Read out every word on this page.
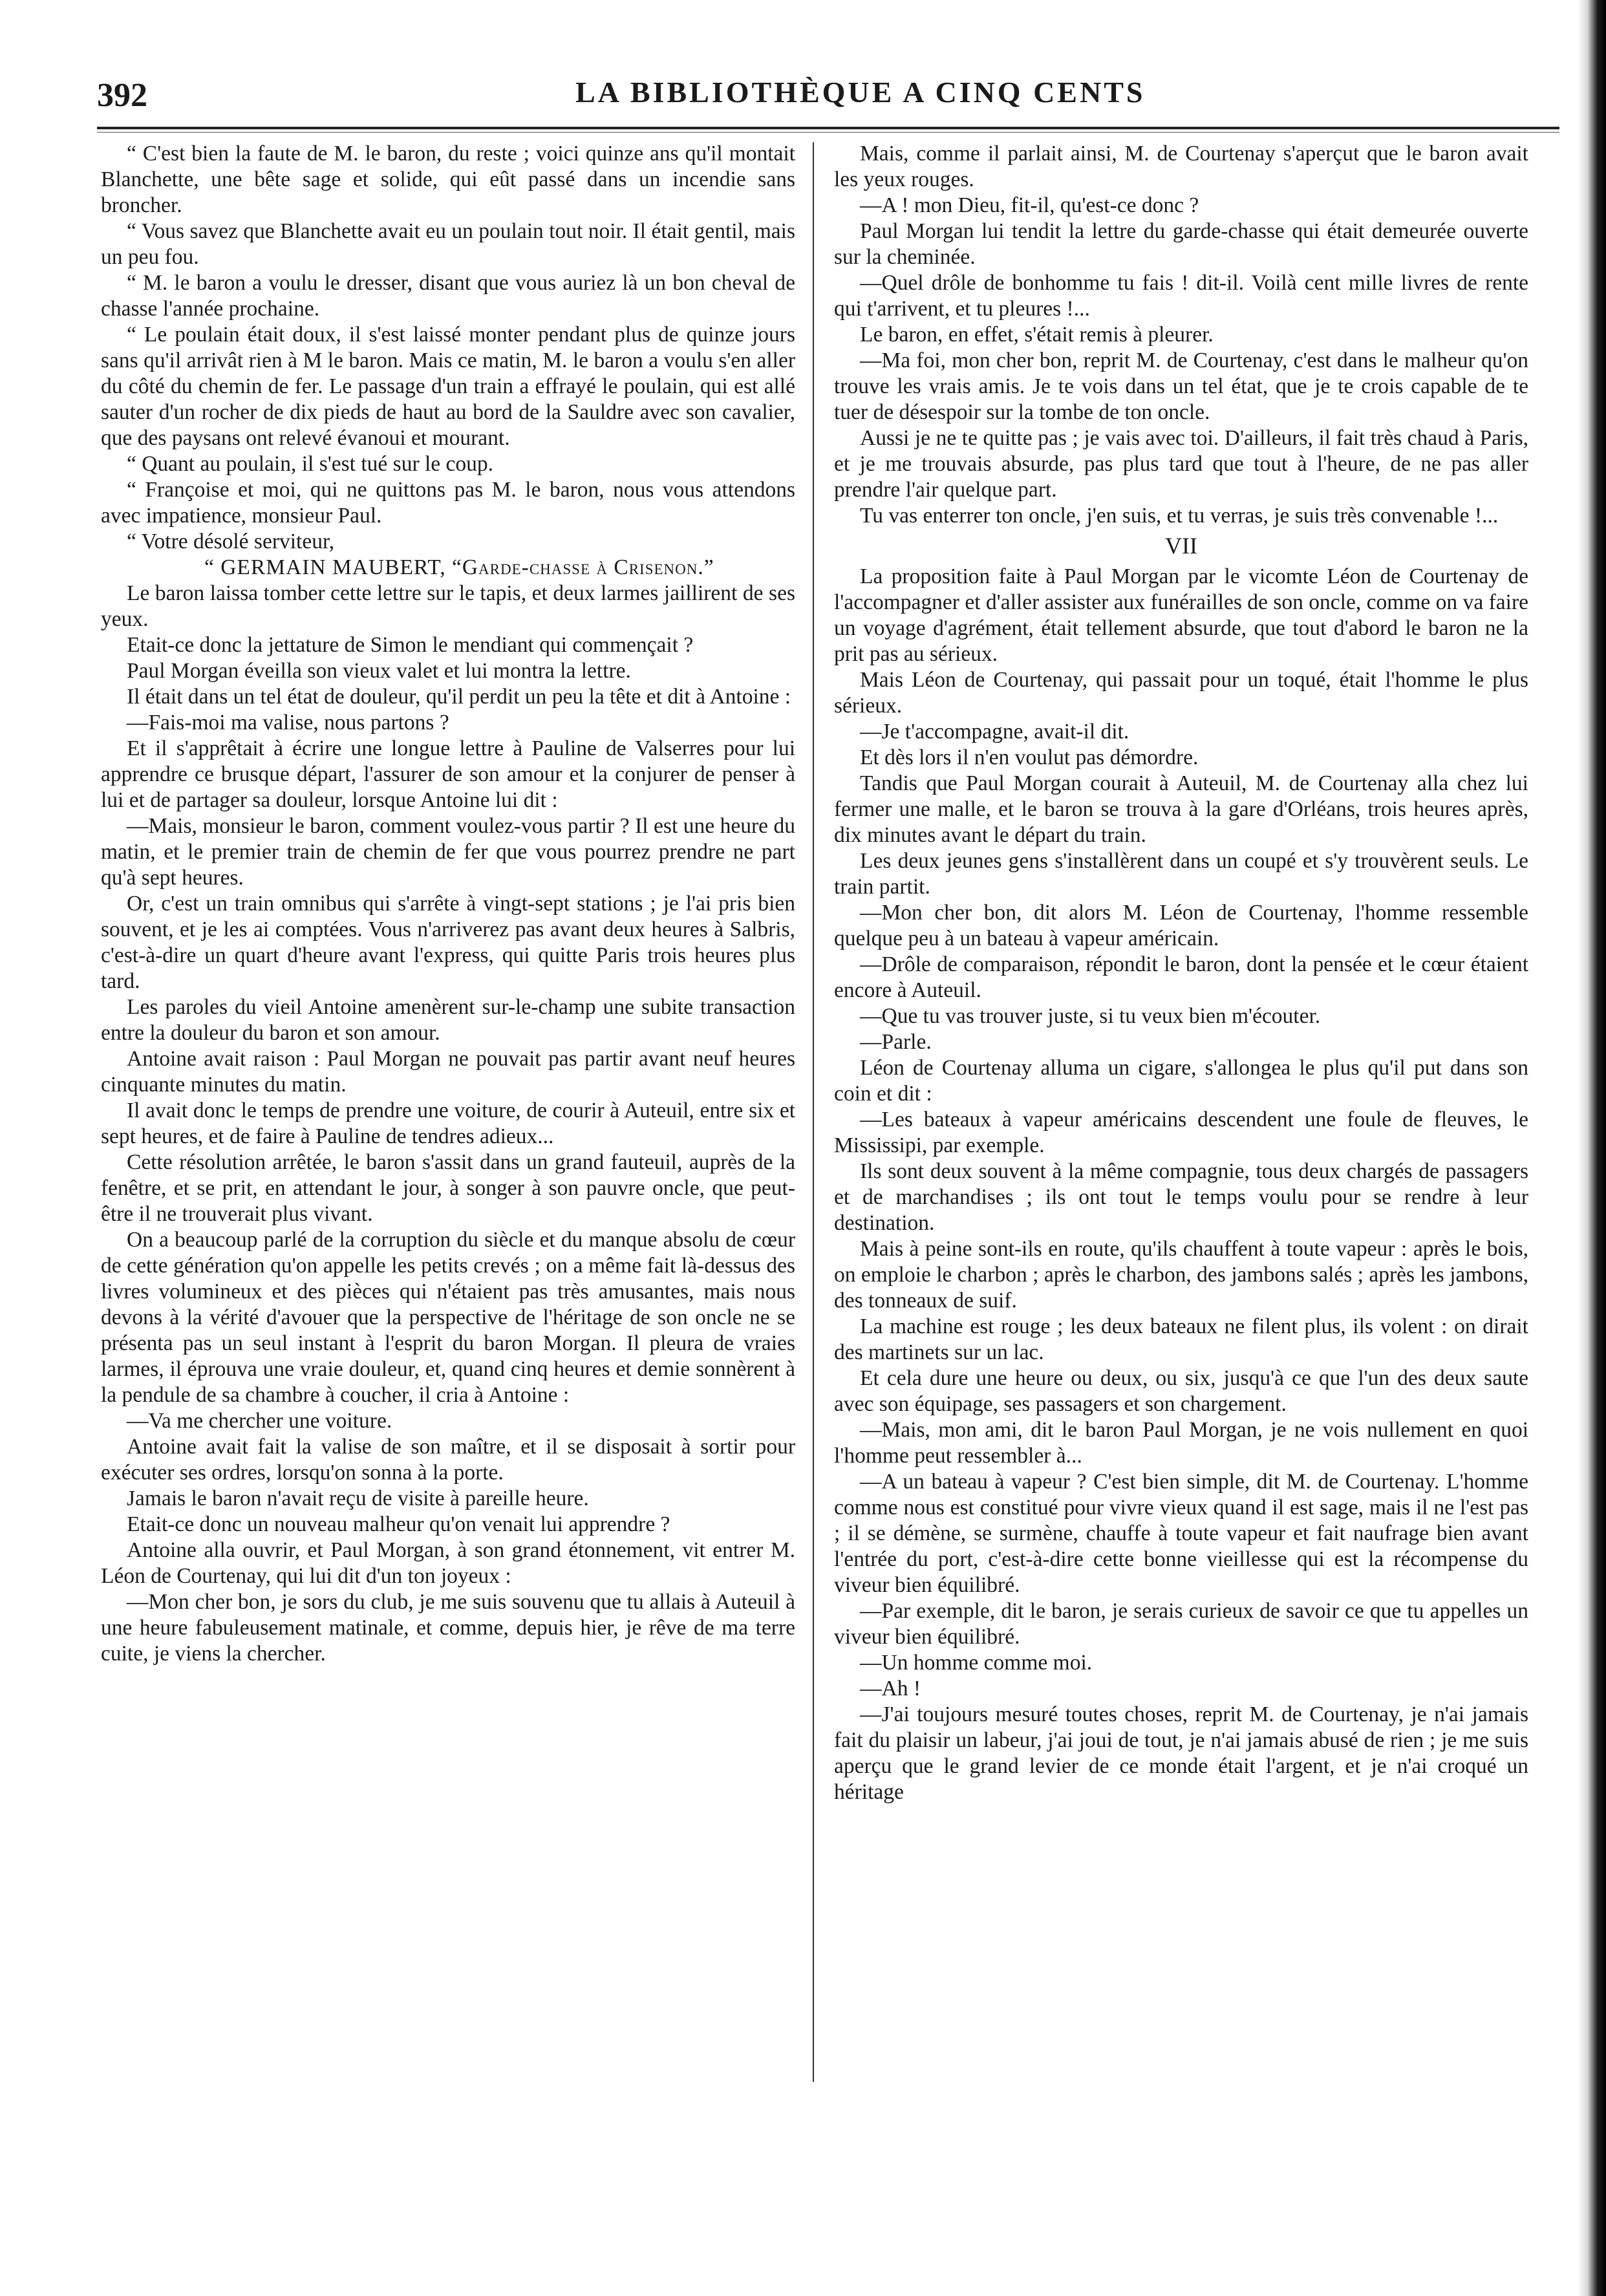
392	LA BIBLIOTHÈQUE A CINQ CENTS

“ C'est bien la faute de M. le baron, du reste ; voici quinze ans qu'il montait Blanchette, une bête sage et solide, qui eût passé dans un incendie sans broncher.

“ Vous savez que Blanchette avait eu un poulain tout noir. Il était gentil, mais un peu fou.

“ M. le baron a voulu le dresser, disant que vous auriez là un bon cheval de chasse l'année prochaine.

“ Le poulain était doux, il s'est laissé monter pendant plus de quinze jours sans qu'il arrivât rien à M le baron. Mais ce matin, M. le baron a voulu s'en aller du côté du chemin de fer. Le passage d'un train a effrayé le poulain, qui est allé sauter d'un rocher de dix pieds de haut au bord de la Sauldre avec son cavalier, que des paysans ont relevé évanoui et mourant.

“ Quant au poulain, il s'est tué sur le coup.

“ Françoise et moi, qui ne quittons pas M. le baron, nous vous attendons avec impatience, monsieur Paul.

“ Votre désolé serviteur,

“ GERMAIN MAUBERT, “Garde-chasse à Crisenon.”

Le baron laissa tomber cette lettre sur le tapis, et deux larmes jaillirent de ses yeux.

Etait-ce donc la jettature de Simon le mendiant qui commençait ?

Paul Morgan éveilla son vieux valet et lui montra la lettre.

Il était dans un tel état de douleur, qu'il perdit un peu la tête et dit à Antoine :

—Fais-moi ma valise, nous partons ?

Et il s'apprêtait à écrire une longue lettre à Pauline de Valserres pour lui apprendre ce brusque départ, l'assurer de son amour et la conjurer de penser à lui et de partager sa douleur, lorsque Antoine lui dit :

—Mais, monsieur le baron, comment voulez-vous partir ? Il est une heure du matin, et le premier train de chemin de fer que vous pourrez prendre ne part qu'à sept heures.

Or, c'est un train omnibus qui s'arrête à vingt-sept stations ; je l'ai pris bien souvent, et je les ai comptées. Vous n'arriverez pas avant deux heures à Salbris, c'est-à-dire un quart d'heure avant l'express, qui quitte Paris trois heures plus tard.

Les paroles du vieil Antoine amenèrent sur-le-champ une subite transaction entre la douleur du baron et son amour.

Antoine avait raison : Paul Morgan ne pouvait pas partir avant neuf heures cinquante minutes du matin.

Il avait donc le temps de prendre une voiture, de courir à Auteuil, entre six et sept heures, et de faire à Pauline de tendres adieux...

Cette résolution arrêtée, le baron s'assit dans un grand fauteuil, auprès de la fenêtre, et se prit, en attendant le jour, à songer à son pauvre oncle, que peut-être il ne trouverait plus vivant.

On a beaucoup parlé de la corruption du siècle et du manque absolu de cœur de cette génération qu'on appelle les petits crevés ; on a même fait là-dessus des livres volumineux et des pièces qui n'étaient pas très amusantes, mais nous devons à la vérité d'avouer que la perspective de l'héritage de son oncle ne se présenta pas un seul instant à l'esprit du baron Morgan. Il pleura de vraies larmes, il éprouva une vraie douleur, et, quand cinq heures et demie sonnèrent à la pendule de sa chambre à coucher, il cria à Antoine :

—Va me chercher une voiture.

Antoine avait fait la valise de son maître, et il se disposait à sortir pour exécuter ses ordres, lorsqu'on sonna à la porte.

Jamais le baron n'avait reçu de visite à pareille heure.

Etait-ce donc un nouveau malheur qu'on venait lui apprendre ?

Antoine alla ouvrir, et Paul Morgan, à son grand étonnement, vit entrer M. Léon de Courtenay, qui lui dit d'un ton joyeux :

—Mon cher bon, je sors du club, je me suis souvenu que tu allais à Auteuil à une heure fabuleusement matinale, et comme, depuis hier, je rêve de ma terre cuite, je viens la chercher.

Mais, comme il parlait ainsi, M. de Courtenay s'aperçut que le baron avait les yeux rouges.

—A ! mon Dieu, fit-il, qu'est-ce donc ?

Paul Morgan lui tendit la lettre du garde-chasse qui était demeurée ouverte sur la cheminée.

—Quel drôle de bonhomme tu fais ! dit-il. Voilà cent mille livres de rente qui t'arrivent, et tu pleures !...

Le baron, en effet, s'était remis à pleurer.

—Ma foi, mon cher bon, reprit M. de Courtenay, c'est dans le malheur qu'on trouve les vrais amis. Je te vois dans un tel état, que je te crois capable de te tuer de désespoir sur la tombe de ton oncle.

Aussi je ne te quitte pas ; je vais avec toi. D'ailleurs, il fait très chaud à Paris, et je me trouvais absurde, pas plus tard que tout à l'heure, de ne pas aller prendre l'air quelque part.

Tu vas enterrer ton oncle, j'en suis, et tu verras, je suis très convenable !...

VII

La proposition faite à Paul Morgan par le vicomte Léon de Courtenay de l'accompagner et d'aller assister aux funérailles de son oncle, comme on va faire un voyage d'agrément, était tellement absurde, que tout d'abord le baron ne la prit pas au sérieux.

Mais Léon de Courtenay, qui passait pour un toqué, était l'homme le plus sérieux.

—Je t'accompagne, avait-il dit.

Et dès lors il n'en voulut pas démordre.

Tandis que Paul Morgan courait à Auteuil, M. de Courtenay alla chez lui fermer une malle, et le baron se trouva à la gare d'Orléans, trois heures après, dix minutes avant le départ du train.

Les deux jeunes gens s'installèrent dans un coupé et s'y trouvèrent seuls. Le train partit.

—Mon cher bon, dit alors M. Léon de Courtenay, l'homme ressemble quelque peu à un bateau à vapeur américain.

—Drôle de comparaison, répondit le baron, dont la pensée et le cœur étaient encore à Auteuil.

—Que tu vas trouver juste, si tu veux bien m'écouter.

—Parle.

Léon de Courtenay alluma un cigare, s'allongea le plus qu'il put dans son coin et dit :

—Les bateaux à vapeur américains descendent une foule de fleuves, le Mississipi, par exemple.

Ils sont deux souvent à la même compagnie, tous deux chargés de passagers et de marchandises ; ils ont tout le temps voulu pour se rendre à leur destination.

Mais à peine sont-ils en route, qu'ils chauffent à toute vapeur : après le bois, on emploie le charbon ; après le charbon, des jambons salés ; après les jambons, des tonneaux de suif.

La machine est rouge ; les deux bateaux ne filent plus, ils volent : on dirait des martinets sur un lac.

Et cela dure une heure ou deux, ou six, jusqu'à ce que l'un des deux saute avec son équipage, ses passagers et son chargement.

—Mais, mon ami, dit le baron Paul Morgan, je ne vois nullement en quoi l'homme peut ressembler à...

—A un bateau à vapeur ? C'est bien simple, dit M. de Courtenay. L'homme comme nous est constitué pour vivre vieux quand il est sage, mais il ne l'est pas ; il se démène, se surmène, chauffe à toute vapeur et fait naufrage bien avant l'entrée du port, c'est-à-dire cette bonne vieillesse qui est la récompense du viveur bien équilibré.

—Par exemple, dit le baron, je serais curieux de savoir ce que tu appelles un viveur bien équilibré.

—Un homme comme moi.

—Ah !

—J'ai toujours mesuré toutes choses, reprit M. de Courtenay, je n'ai jamais fait du plaisir un labeur, j'ai joui de tout, je n'ai jamais abusé de rien ; je me suis aperçu que le grand levier de ce monde était l'argent, et je n'ai croqué un héritage
